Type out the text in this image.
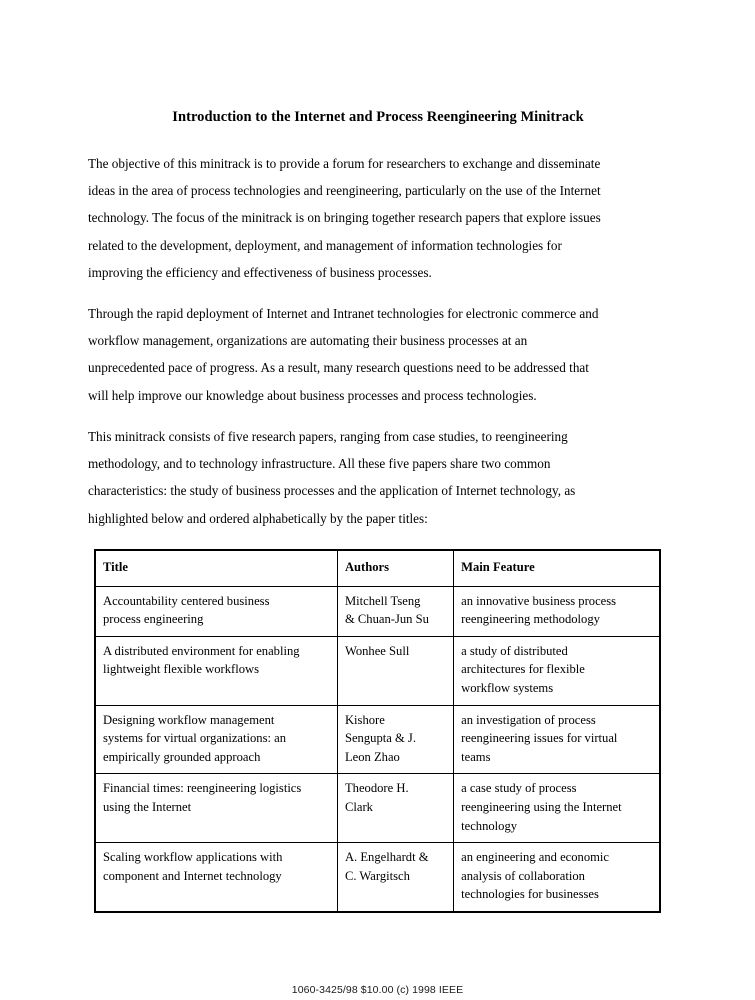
Introduction to the Internet and Process Reengineering Minitrack

The objective of this minitrack is to provide a forum for researchers to exchange and disseminate

ideas in the area of process technologies and reengineering, particularly on the use of the Internet

technology. The focus of the minitrack is on bringing together research papers that explore issues

related to the development, deployment, and management of information technologies for

improving the efficiency and effectiveness of business processes.

Through the rapid deployment of Internet and Intranet technologies for electronic commerce and

workflow management, organizations are automating their business processes at an

unprecedented pace of progress. As a result, many research questions need to be addressed that

will help improve our knowledge about business processes and process technologies.

This minitrack consists of five research papers, ranging from case studies, to reengineering

methodology, and to technology infrastructure. All these five papers share two common

characteristics: the study of business processes and the application of Internet technology, as

highlighted below and ordered alphabetically by the paper titles:

Title	Authors	Main Feature

Accountability centered business
process engineering	Mitchell Tseng
& Chuan-Jun Su	an innovative business process
reengineering methodology

A distributed environment for enabling
lightweight flexible workflows	Wonhee Sull	a study of distributed
architectures for flexible
workflow systems

Designing workflow management
systems for virtual organizations: an
empirically grounded approach	Kishore
Sengupta & J.
Leon Zhao	an investigation of process
reengineering issues for virtual
teams

Financial times: reengineering logistics
using the Internet	Theodore H.
Clark	a case study of process
reengineering using the Internet
technology

Scaling workflow applications with
component and Internet technology	A. Engelhardt &
C. Wargitsch	an engineering and economic
analysis of collaboration
technologies for businesses
1060-3425/98 $10.00 (c) 1998 IEEE
